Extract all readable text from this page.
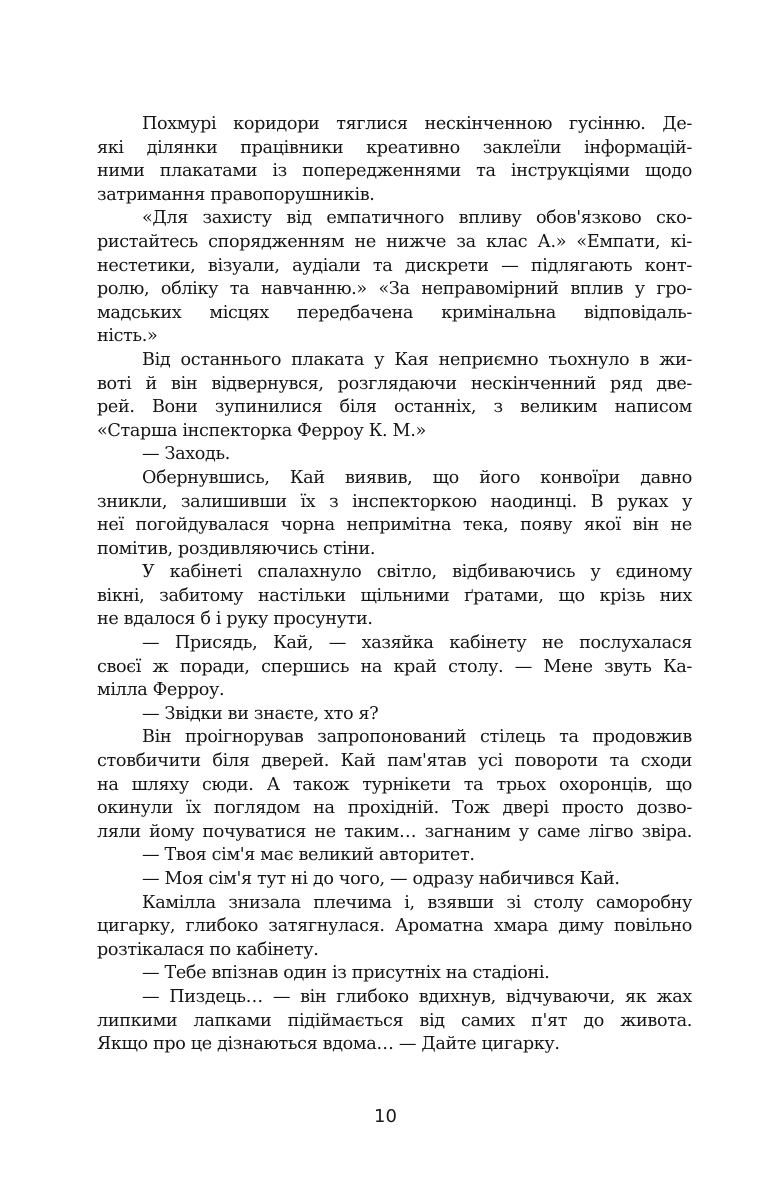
Похмурі коридори тяглися нескінченною гусінню. Де-
які ділянки працівники креативно заклеїли інформацій-
ними плакатами із попередженнями та інструкціями щодо
затримання правопорушників.
«Для захисту від емпатичного впливу обов'язково ско-
ристайтесь спорядженням не нижче за клас А.» «Емпати, кі-
нестетики, візуали, аудіали та дискрети — підлягають конт-
ролю, обліку та навчанню.» «За неправомірний вплив у гро-
мадських місцях передбачена кримінальна відповідаль-
ність.»
Від останнього плаката у Кая неприємно тьохнуло в жи-
воті й він відвернувся, розглядаючи нескінченний ряд две-
рей. Вони зупинилися біля останніх, з великим написом
«Старша інспекторка Ферроу К. М.»
— Заходь.
Обернувшись, Кай виявив, що його конвоїри давно
зникли, залишивши їх з інспекторкою наодинці. В руках у
неї погойдувалася чорна непримітна тека, появу якої він не
помітив, роздивляючись стіни.
У кабінеті спалахнуло світло, відбиваючись у єдиному
вікні, забитому настільки щільними ґратами, що крізь них
не вдалося б і руку просунути.
— Присядь, Кай, — хазяйка кабінету не послухалася
своєї ж поради, спершись на край столу. — Мене звуть Ка-
мілла Ферроу.
— Звідки ви знаєте, хто я?
Він проігнорував запропонований стілець та продовжив
стовбичити біля дверей. Кай пам'ятав усі повороти та сходи
на шляху сюди. А також турнікети та трьох охоронців, що
окинули їх поглядом на прохідній. Тож двері просто дозво-
ляли йому почуватися не таким… загнаним у саме лігво звіра.
— Твоя сім'я має великий авторитет.
— Моя сім'я тут ні до чого, — одразу набичився Кай.
Камілла знизала плечима і, взявши зі столу саморобну
цигарку, глибоко затягнулася. Ароматна хмара диму повільно
розтікалася по кабінету.
— Тебе впізнав один із присутніх на стадіоні.
— Пиздець… — він глибоко вдихнув, відчуваючи, як жах
липкими лапками підіймається від самих п'ят до живота.
Якщо про це дізнаються вдома… — Дайте цигарку.
10
